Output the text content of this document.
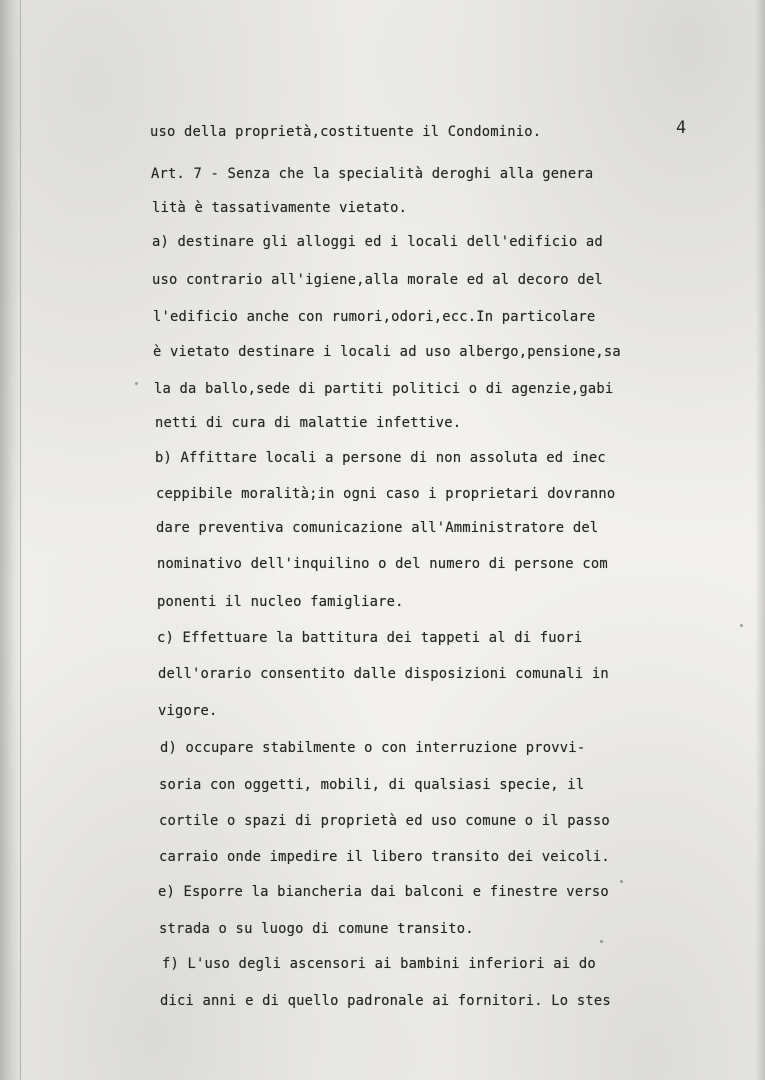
4
uso della proprietà,costituente il Condominio.
Art. 7 - Senza che la specialità deroghi alla genera
lità è tassativamente vietato.
a) destinare gli alloggi ed i locali dell'edificio ad
uso contrario all'igiene,alla morale ed al decoro del
l'edificio anche con rumori,odori,ecc.In particolare
è vietato destinare i locali ad uso albergo,pensione,sa
la da ballo,sede di partiti politici o di agenzie,gabi
netti di cura di malattie infettive.
b) Affittare locali a persone di non assoluta ed inec
ceppibile moralità;in ogni caso i proprietari dovranno
dare preventiva comunicazione all'Amministratore del
nominativo dell'inquilino o del numero di persone com
ponenti il nucleo famigliare.
c) Effettuare la battitura dei tappeti al di fuori
dell'orario consentito dalle disposizioni comunali in
vigore.
d) occupare stabilmente o con interruzione provvi-
soria con oggetti, mobili, di qualsiasi specie, il
cortile o spazi di proprietà ed uso comune o il passo
carraio onde impedire il libero transito dei veicoli.
e) Esporre la biancheria dai balconi e finestre verso
strada o su luogo di comune transito.
f) L'uso degli ascensori ai bambini inferiori ai do
dici anni e di quello padronale ai fornitori. Lo stes
